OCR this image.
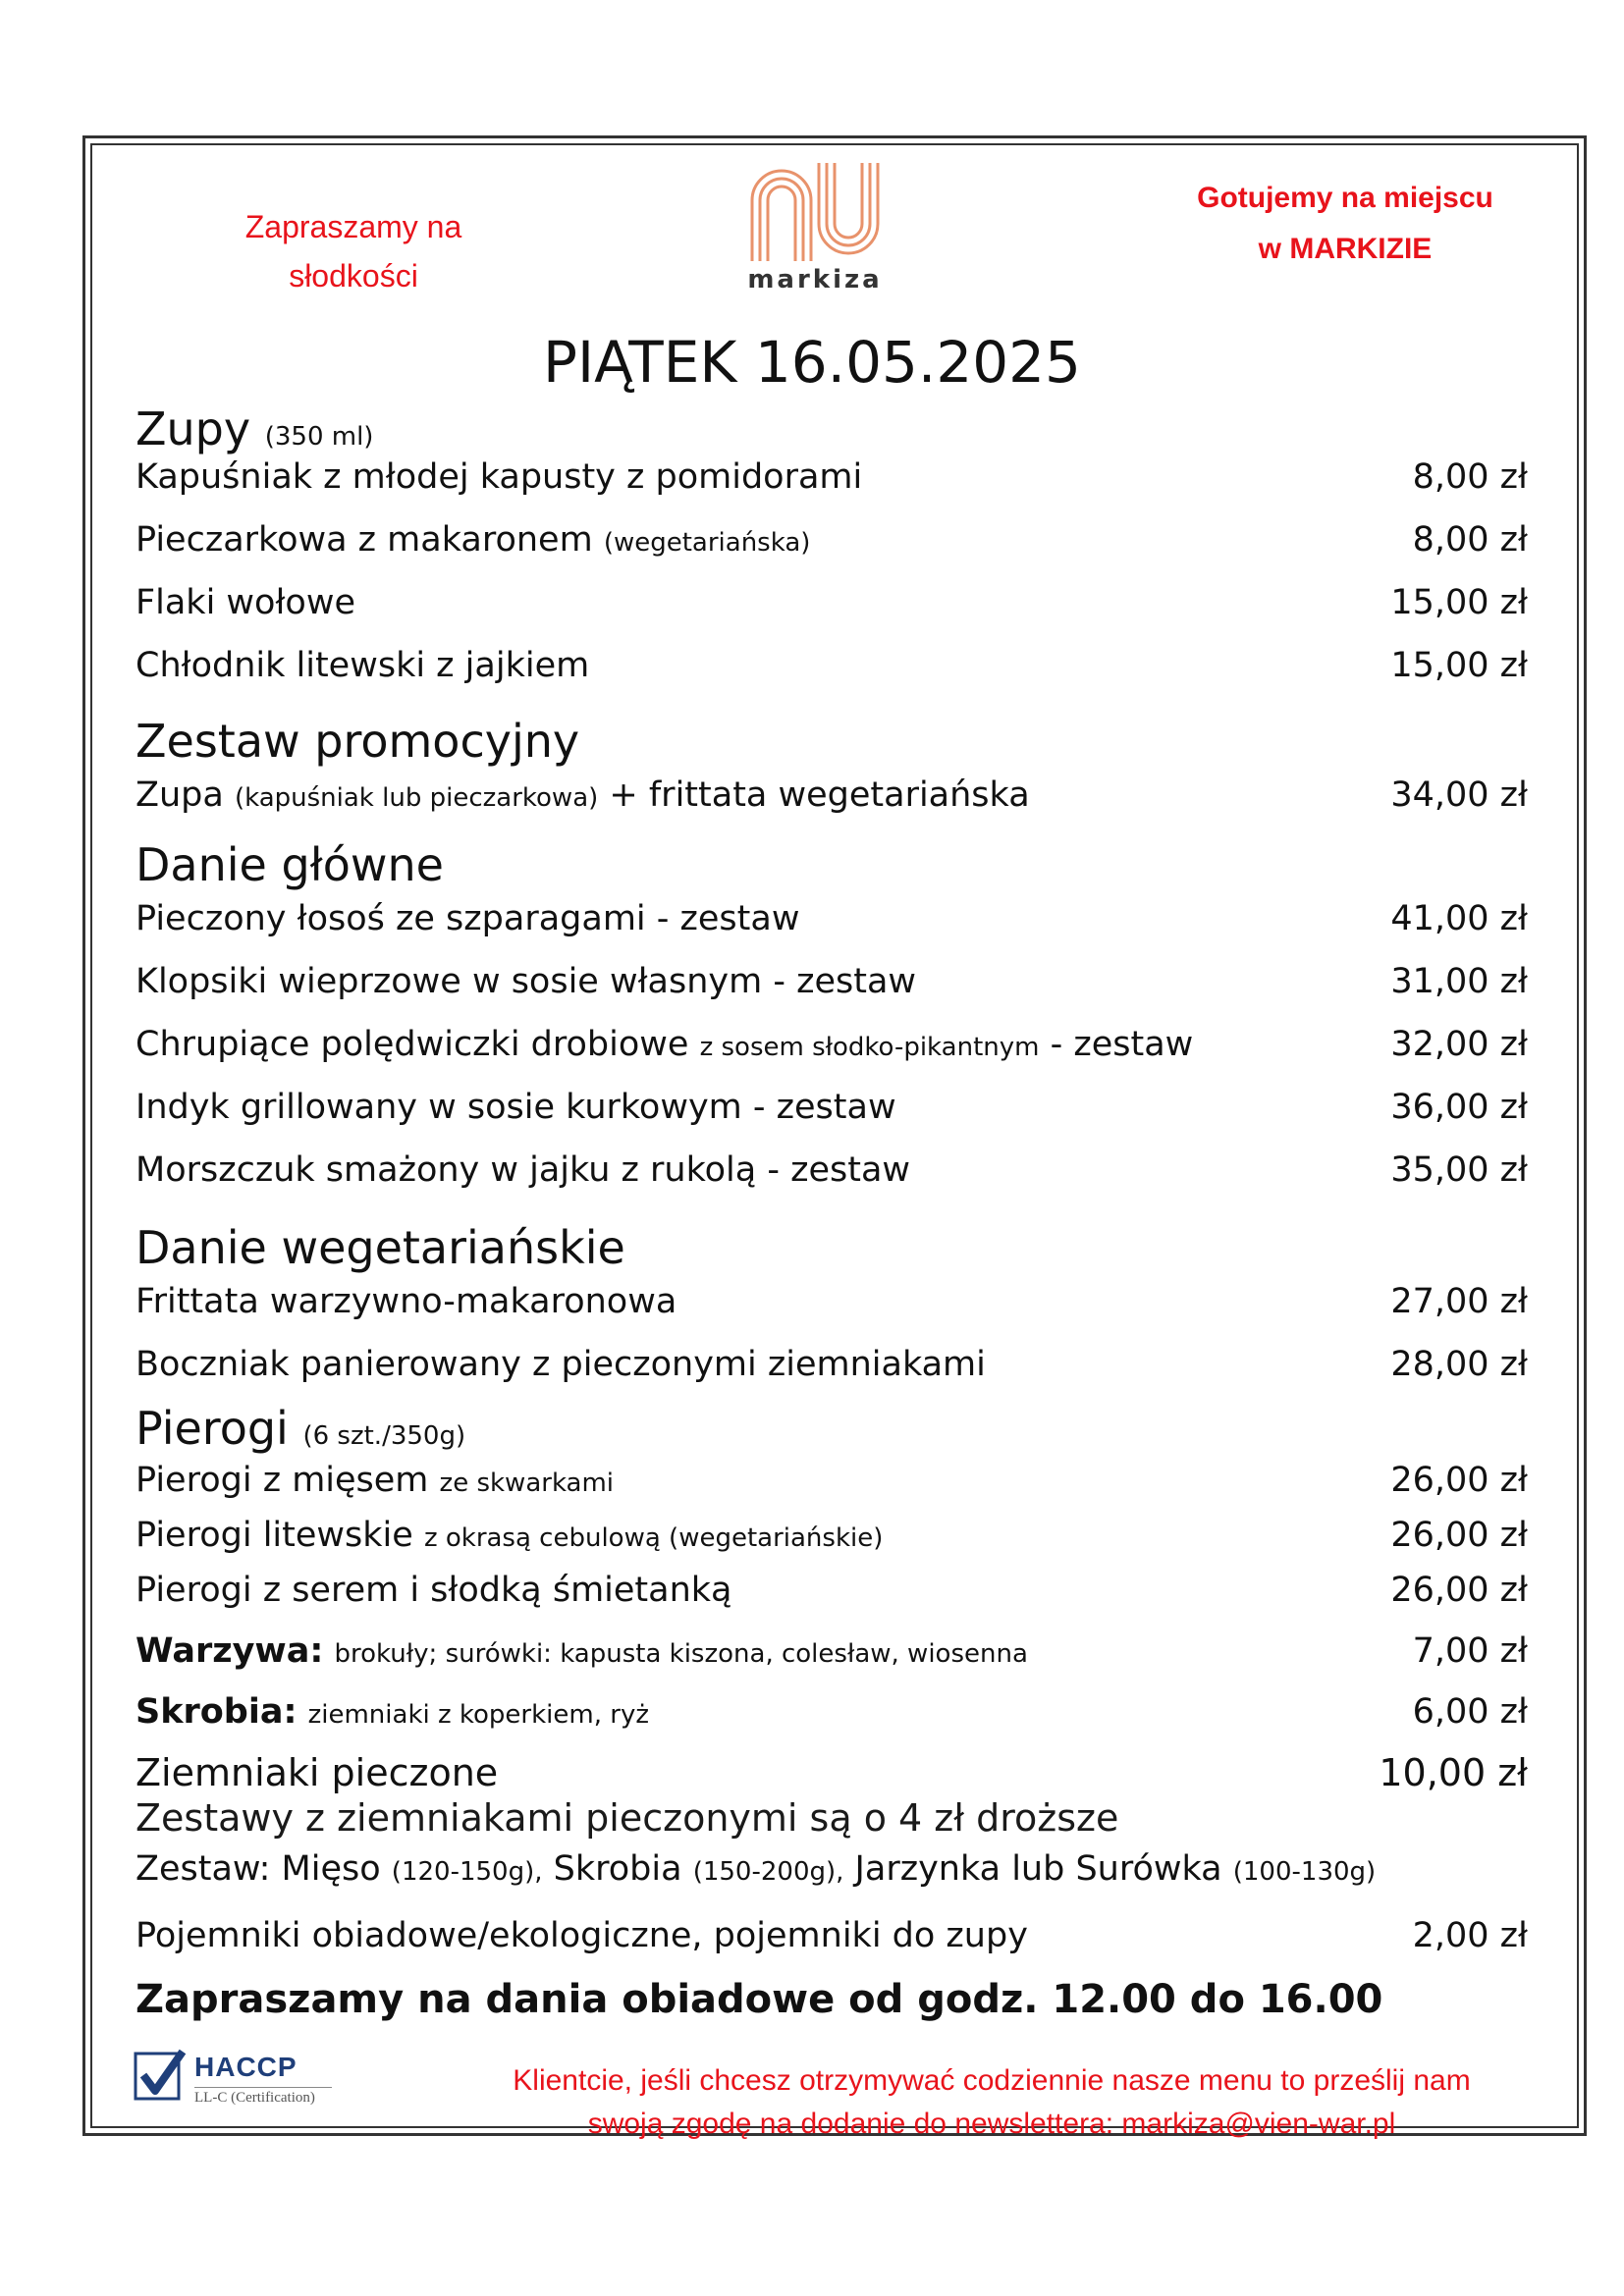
Zapraszamy na
słodkości	markiza
Gotujemy na miejscu
w MARKIZIE
PIĄTEK 16.05.2025
Zupy (350 ml)
Kapuśniak z młodej kapusty z pomidorami	8,00 zł
Pieczarkowa z makaronem (wegetariańska)	8,00 zł
Flaki wołowe	15,00 zł
Chłodnik litewski z jajkiem	15,00 zł
Zestaw promocyjny
Zupa (kapuśniak lub pieczarkowa) + frittata wegetariańska	34,00 zł
Danie główne
Pieczony łosoś ze szparagami - zestaw	41,00 zł
Klopsiki wieprzowe w sosie własnym - zestaw	31,00 zł
Chrupiące polędwiczki drobiowe z sosem słodko-pikantnym - zestaw	32,00 zł
Indyk grillowany w sosie kurkowym - zestaw	36,00 zł
Morszczuk smażony w jajku z rukolą - zestaw	35,00 zł
Danie wegetariańskie
Frittata warzywno-makaronowa	27,00 zł
Boczniak panierowany z pieczonymi ziemniakami	28,00 zł
Pierogi (6 szt./350g)
Pierogi z mięsem ze skwarkami	26,00 zł
Pierogi litewskie z okrasą cebulową (wegetariańskie)	26,00 zł
Pierogi z serem i słodką śmietanką	26,00 zł
Warzywa: brokuły; surówki: kapusta kiszona, colesław, wiosenna	7,00 zł
Skrobia: ziemniaki z koperkiem, ryż	6,00 zł
Ziemniaki pieczone	10,00 zł
Zestawy z ziemniakami pieczonymi są o 4 zł droższe
Zestaw: Mięso (120-150g), Skrobia (150-200g), Jarzynka lub Surówka (100-130g)
Pojemniki obiadowe/ekologiczne, pojemniki do zupy	2,00 zł
Zapraszamy na dania obiadowe od godz. 12.00 do 16.00
HACCP
LL-C (Certification)
Klientcie, jeśli chcesz otrzymywać codziennie nasze menu to prześlij nam
swoją zgodę na dodanie do newslettera: markiza@vien-war.pl
